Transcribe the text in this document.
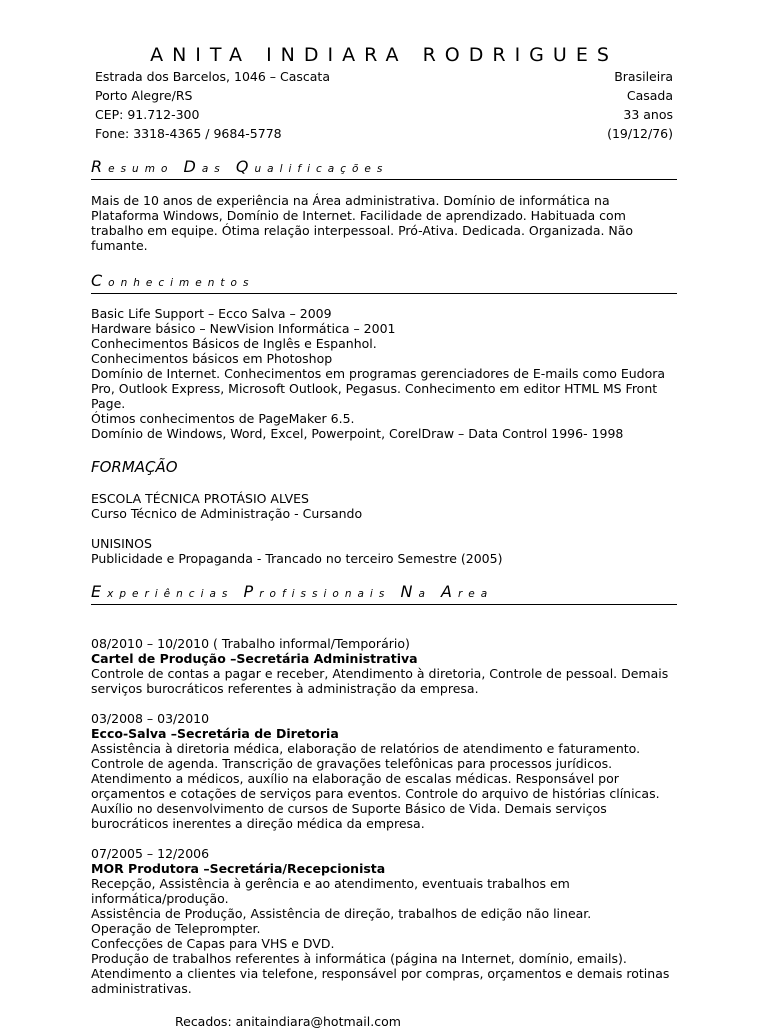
ANITA INDIARA RODRIGUES
Estrada dos Barcelos, 1046 – Cascata
Porto Alegre/RS
CEP: 91.712-300
Fone: 3318-4365 / 9684-5778
Brasileira
Casada
33 anos
(19/12/76)
Resumo Das Qualificações
Mais de 10 anos de experiência na Área administrativa. Domínio de informática na Plataforma Windows, Domínio de Internet. Facilidade de aprendizado. Habituada com trabalho em equipe. Ótima relação interpessoal. Pró-Ativa. Dedicada. Organizada. Não fumante.
Conhecimentos
Basic Life Support – Ecco Salva – 2009
Hardware básico – NewVision Informática – 2001
Conhecimentos Básicos de Inglês e Espanhol.
Conhecimentos básicos em Photoshop
Domínio de Internet. Conhecimentos em programas gerenciadores de E-mails como Eudora Pro, Outlook Express, Microsoft Outlook, Pegasus. Conhecimento em editor HTML MS Front Page.
Ótimos conhecimentos de PageMaker 6.5.
Domínio de Windows, Word, Excel, Powerpoint, CorelDraw – Data Control 1996- 1998
FORMAÇÃO
ESCOLA TÉCNICA PROTÁSIO ALVES
Curso Técnico de Administração - Cursando
UNISINOS
Publicidade e Propaganda - Trancado no terceiro Semestre (2005)
Experiências Profissionais Na Area
08/2010 – 10/2010 ( Trabalho informal/Temporário)
Cartel de Produção –Secretária Administrativa
Controle de contas a pagar e receber, Atendimento à diretoria, Controle de pessoal. Demais serviços burocráticos referentes à administração da empresa.
03/2008 – 03/2010
Ecco-Salva –Secretária de Diretoria
Assistência à diretoria médica, elaboração de relatórios de atendimento e faturamento. Controle de agenda. Transcrição de gravações telefônicas para processos jurídicos. Atendimento a médicos, auxílio na elaboração de escalas médicas. Responsável por orçamentos e cotações de serviços para eventos. Controle do arquivo de histórias clínicas. Auxílio no desenvolvimento de cursos de Suporte Básico de Vida. Demais serviços burocráticos inerentes a direção médica da empresa.
07/2005 – 12/2006
MOR Produtora –Secretária/Recepcionista
Recepção, Assistência à gerência e ao atendimento, eventuais trabalhos em informática/produção.
Assistência de Produção, Assistência de direção, trabalhos de edição não linear.
Operação de Teleprompter.
Confecções de Capas para VHS e DVD.
Produção de trabalhos referentes à informática (página na Internet, domínio, emails).
Atendimento a clientes via telefone, responsável por compras, orçamentos e demais rotinas administrativas.
Recados: anitaindiara@hotmail.com
